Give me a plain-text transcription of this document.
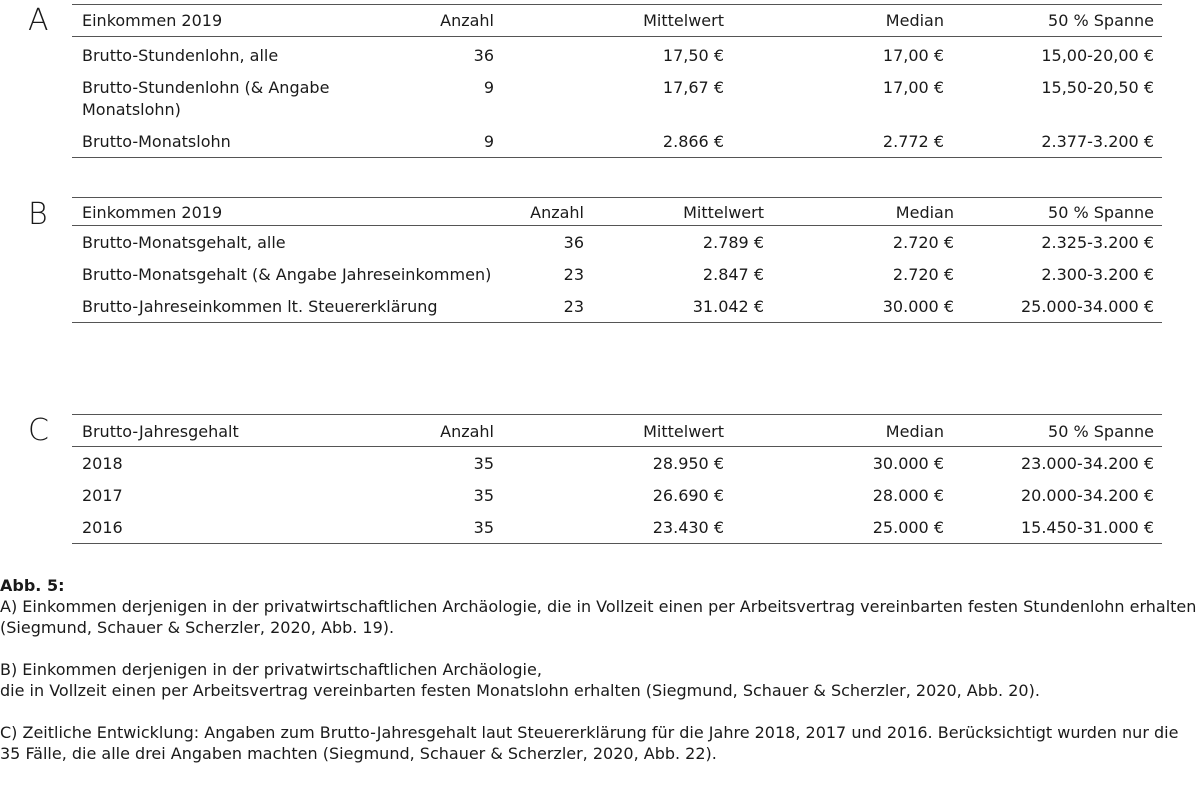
A Einkommen 2019	Anzahl	Mittelwert	Median	50 % Spanne
Brutto-Stundenlohn, alle	36	17,50 €	17,00 €	15,00-20,00 €
Brutto-Stundenlohn (& Angabe Monatslohn)	9	17,67 €	17,00 €	15,50-20,50 €
Brutto-Monatslohn	9	2.866 €	2.772 €	2.377-3.200 €
B Einkommen 2019	Anzahl	Mittelwert	Median	50 % Spanne
Brutto-Monatsgehalt, alle	36	2.789 €	2.720 €	2.325-3.200 €
Brutto-Monatsgehalt (& Angabe Jahreseinkommen)	23	2.847 €	2.720 €	2.300-3.200 €
Brutto-Jahreseinkommen lt. Steuererklärung	23	31.042 €	30.000 €	25.000-34.000 €
C Brutto-Jahresgehalt	Anzahl	Mittelwert	Median	50 % Spanne
2018	35	28.950 €	30.000 €	23.000-34.200 €
2017	35	26.690 €	28.000 €	20.000-34.200 €
2016	35	23.430 €	25.000 €	15.450-31.000 €

Abb. 5:

A) Einkommen derjenigen in der privatwirtschaftlichen Archäologie, die in Vollzeit einen per Arbeitsvertrag vereinbarten festen Stundenlohn erhalten (Siegmund, Schauer & Scherzler, 2020, Abb. 19).

B) Einkommen derjenigen in der privatwirtschaftlichen Archäologie,
die in Vollzeit einen per Arbeitsvertrag vereinbarten festen Monatslohn erhalten (Siegmund, Schauer & Scherzler, 2020, Abb. 20).

C) Zeitliche Entwicklung: Angaben zum Brutto-Jahresgehalt laut Steuererklärung für die Jahre 2018, 2017 und 2016. Berücksichtigt wurden nur die 35 Fälle, die alle drei Angaben machten (Siegmund, Schauer & Scherzler, 2020, Abb. 22).
